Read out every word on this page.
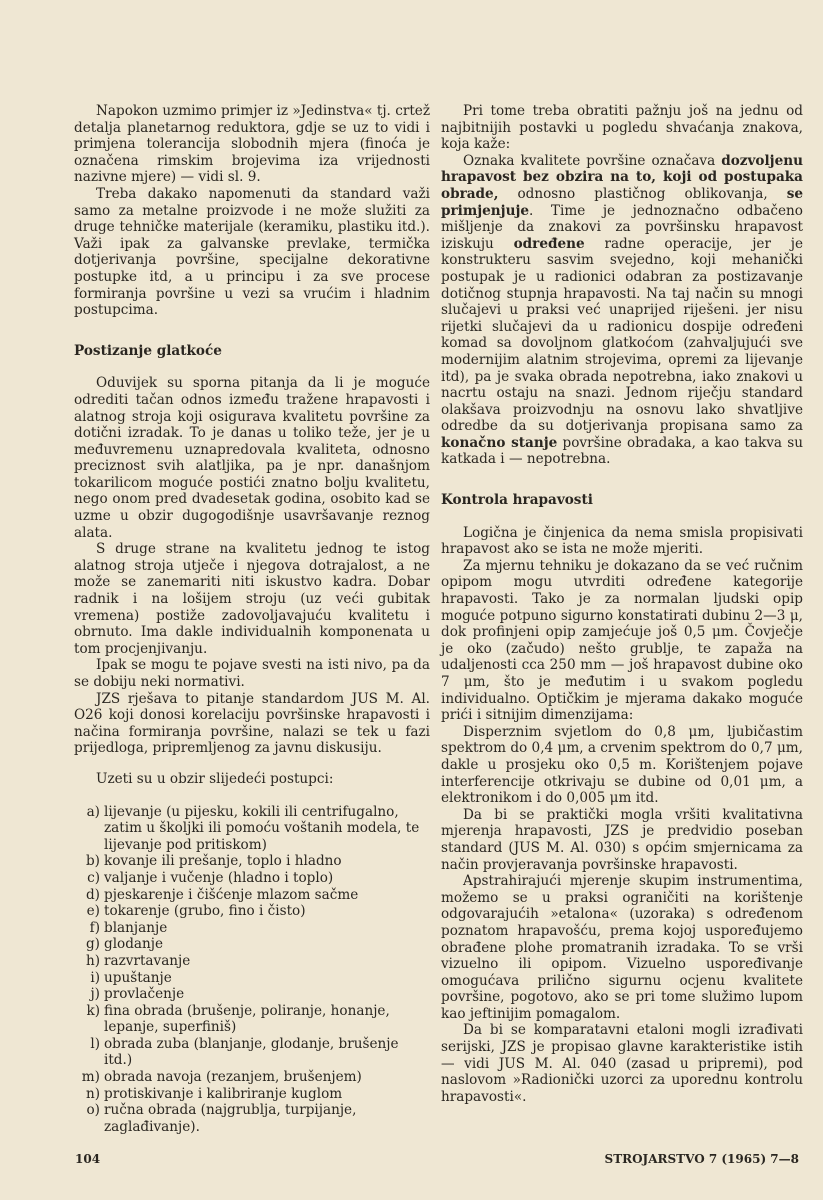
Napokon uzmimo primjer iz »Jedinstva« tj. crtež detalja planetarnog reduktora, gdje se uz to vidi i primjena tolerancija slobodnih mjera (finoća je označena rimskim brojevima iza vrijednosti nazivne mjere) — vidi sl. 9.

Treba dakako napomenuti da standard važi samo za metalne proizvode i ne može služiti za druge tehničke materijale (keramiku, plastiku itd.). Važi ipak za galvanske prevlake, termička dotjerivanja površine, specijalne dekorativne postupke itd, a u principu i za sve procese formiranja površine u vezi sa vrućim i hladnim postupcima.

Postizanje glatkoće

Oduvijek su sporna pitanja da li je moguće odrediti tačan odnos između tražene hrapavosti i alatnog stroja koji osigurava kvalitetu površine za dotični izradak. To je danas u toliko teže, jer je u međuvremenu uznapredovala kvaliteta, odnosno preciznost svih alatljika, pa je npr. današnjom tokarilicom moguće postići znatno bolju kvalitetu, nego onom pred dvadesetak godina, osobito kad se uzme u obzir dugogodišnje usavršavanje reznog alata.

S druge strane na kvalitetu jednog te istog alatnog stroja utječe i njegova dotrajalost, a ne može se zanemariti niti iskustvo kadra. Dobar radnik i na lošijem stroju (uz veći gubitak vremena) postiže zadovoljavajuću kvalitetu i obrnuto. Ima dakle individualnih komponenata u tom procjenjivanju.

Ipak se mogu te pojave svesti na isti nivo, pa da se dobiju neki normativi.

JZS rješava to pitanje standardom JUS M. Al. O26 koji donosi korelaciju površinske hrapavosti i načina formiranja površine, nalazi se tek u fazi prijedloga, pripremljenog za javnu diskusiju.

Uzeti su u obzir slijedeći postupci:

a) lijevanje (u pijesku, kokili ili centrifugalno, zatim u školjki ili pomoću voštanih modela, te lijevanje pod pritiskom)
b) kovanje ili prešanje, toplo i hladno
c) valjanje i vučenje (hladno i toplo)
d) pjeskarenje i čišćenje mlazom sačme
e) tokarenje (grubo, fino i čisto)
f) blanjanje
g) glodanje
h) razvrtavanje
i) upuštanje
j) provlačenje
k) fina obrada (brušenje, poliranje, honanje, lepanje, superfiniš)
l) obrada zuba (blanjanje, glodanje, brušenje itd.)
m) obrada navoja (rezanjem, brušenjem)
n) protiskivanje i kalibriranje kuglom
o) ručna obrada (najgrublja, turpijanje, zaglađivanje).

Pri tome treba obratiti pažnju još na jednu od najbitnijih postavki u pogledu shvaćanja znakova, koja kaže:

Oznaka kvalitete površine označava dozvoljenu hrapavost bez obzira na to, koji od postupaka obrade, odnosno plastičnog oblikovanja, se primjenjuje. Time je jednoznačno odbačeno mišljenje da znakovi za površinsku hrapavost iziskuju određene radne operacije, jer je konstrukteru sasvim svejedno, koji mehanički postupak je u radionici odabran za postizavanje dotičnog stupnja hrapavosti. Na taj način su mnogi slučajevi u praksi već unaprijed riješeni. jer nisu rijetki slučajevi da u radionicu dospije određeni komad sa dovoljnom glatkoćom (zahvaljujući sve modernijim alatnim strojevima, opremi za lijevanje itd), pa je svaka obrada nepotrebna, iako znakovi u nacrtu ostaju na snazi. Jednom riječju standard olakšava proizvodnju na osnovu lako shvatljive odredbe da su dotjerivanja propisana samo za konačno stanje površine obradaka, a kao takva su katkada i — nepotrebna.

Kontrola hrapavosti

Logična je činjenica da nema smisla propisivati hrapavost ako se ista ne može mjeriti.

Za mjernu tehniku je dokazano da se već ručnim opipom mogu utvrditi određene kategorije hrapavosti. Tako je za normalan ljudski opip moguće potpuno sigurno konstatirati dubinu 2—3 μ, dok profinjeni opip zamjećuje još 0,5 μm. Čovječje je oko (začudo) nešto grublje, te zapaža na udaljenosti cca 250 mm — još hrapavost dubine oko 7 μm, što je međutim i u svakom pogledu individualno. Optičkim je mjerama dakako moguće prići i sitnijim dimenzijama:

Disperznim svjetlom do 0,8 μm, ljubičastim spektrom do 0,4 μm, a crvenim spektrom do 0,7 μm, dakle u prosjeku oko 0,5 m. Korištenjem pojave interferencije otkrivaju se dubine od 0,01 μm, a elektronikom i do 0,005 μm itd.

Da bi se praktički mogla vršiti kvalitativna mjerenja hrapavosti, JZS je predvidio poseban standard (JUS M. Al. 030) s općim smjernicama za način provjeravanja površinske hrapavosti.

Apstrahirajući mjerenje skupim instrumentima, možemo se u praksi ograničiti na korištenje odgovarajućih »etalona« (uzoraka) s određenom poznatom hrapavošću, prema kojoj uspoređujemo obrađene plohe promatranih izradaka. To se vrši vizuelno ili opipom. Vizuelno uspoređivanje omogućava prilično sigurnu ocjenu kvalitete površine, pogotovo, ako se pri tome služimo lupom kao jeftinijim pomagalom.

Da bi se komparatavni etaloni mogli izrađivati serijski, JZS je propisao glavne karakteristike istih — vidi JUS M. Al. 040 (zasad u pripremi), pod naslovom »Radionički uzorci za uporednu kontrolu hrapavosti«.

104	STROJARSTVO 7 (1965) 7—8
